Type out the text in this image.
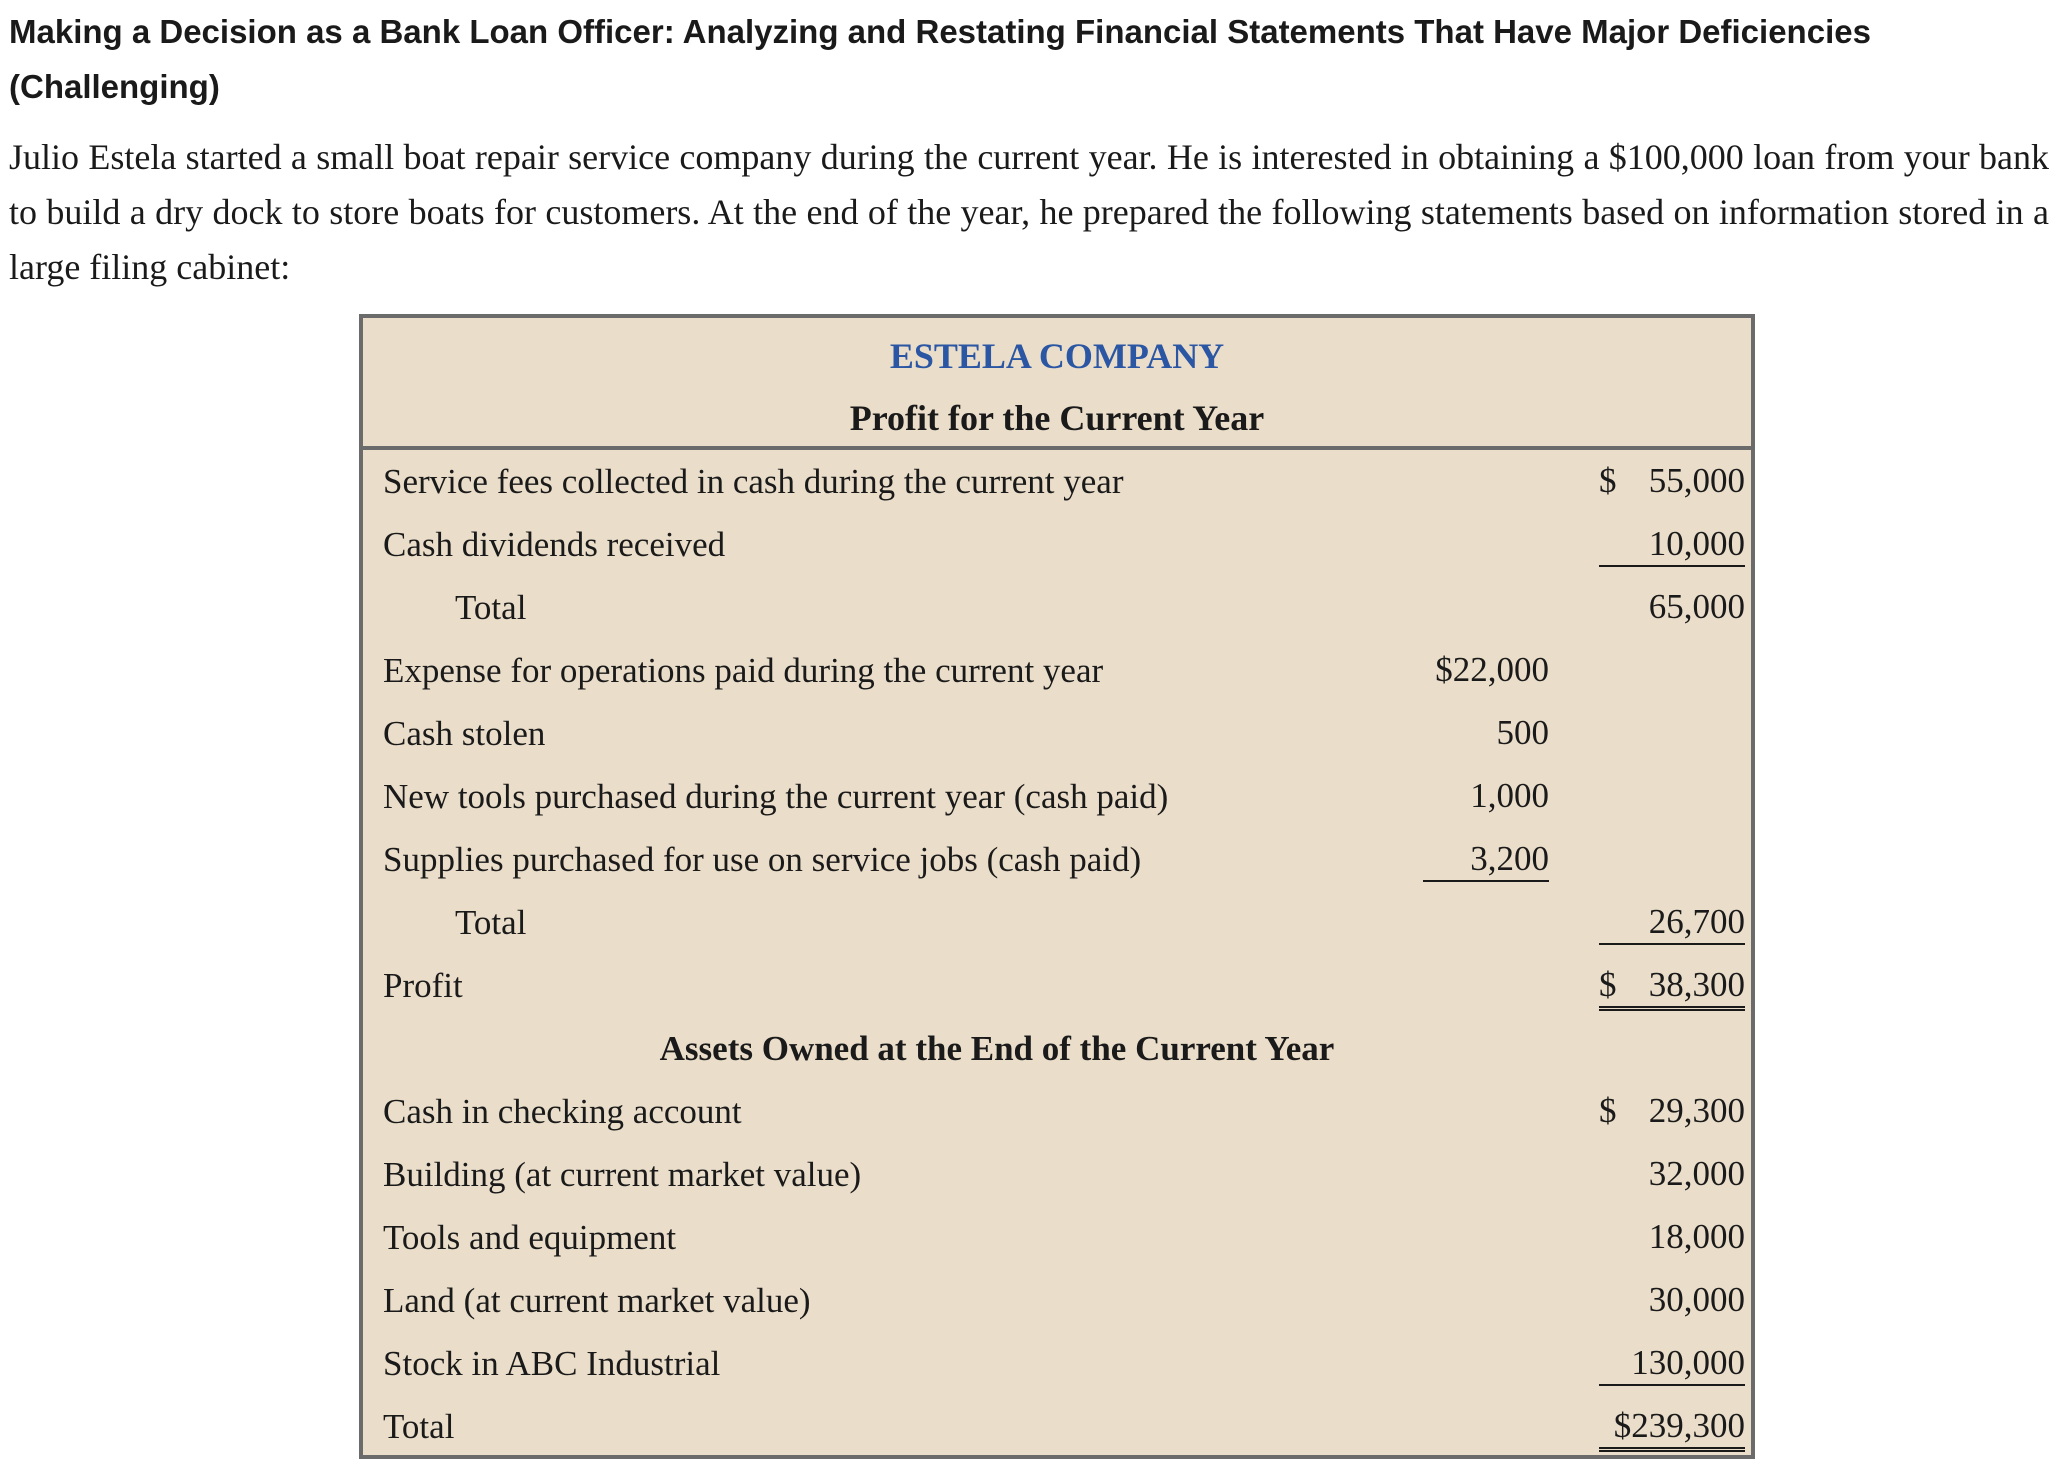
Making a Decision as a Bank Loan Officer: Analyzing and Restating Financial Statements That Have Major Deficiencies (Challenging)
Julio Estela started a small boat repair service company during the current year. He is interested in obtaining a $100,000 loan from your bank to build a dry dock to store boats for customers. At the end of the year, he prepared the following statements based on information stored in a large filing cabinet:
ESTELA COMPANY
Profit for the Current Year
Service fees collected in cash during the current year	$ 55,000
Cash dividends received	10,000
Total	65,000
Expense for operations paid during the current year	$22,000
Cash stolen	500
New tools purchased during the current year (cash paid)	1,000
Supplies purchased for use on service jobs (cash paid)	3,200
Total	26,700
Profit	$ 38,300
Assets Owned at the End of the Current Year
Cash in checking account	$ 29,300
Building (at current market value)	32,000
Tools and equipment	18,000
Land (at current market value)	30,000
Stock in ABC Industrial	130,000
Total	$239,300
